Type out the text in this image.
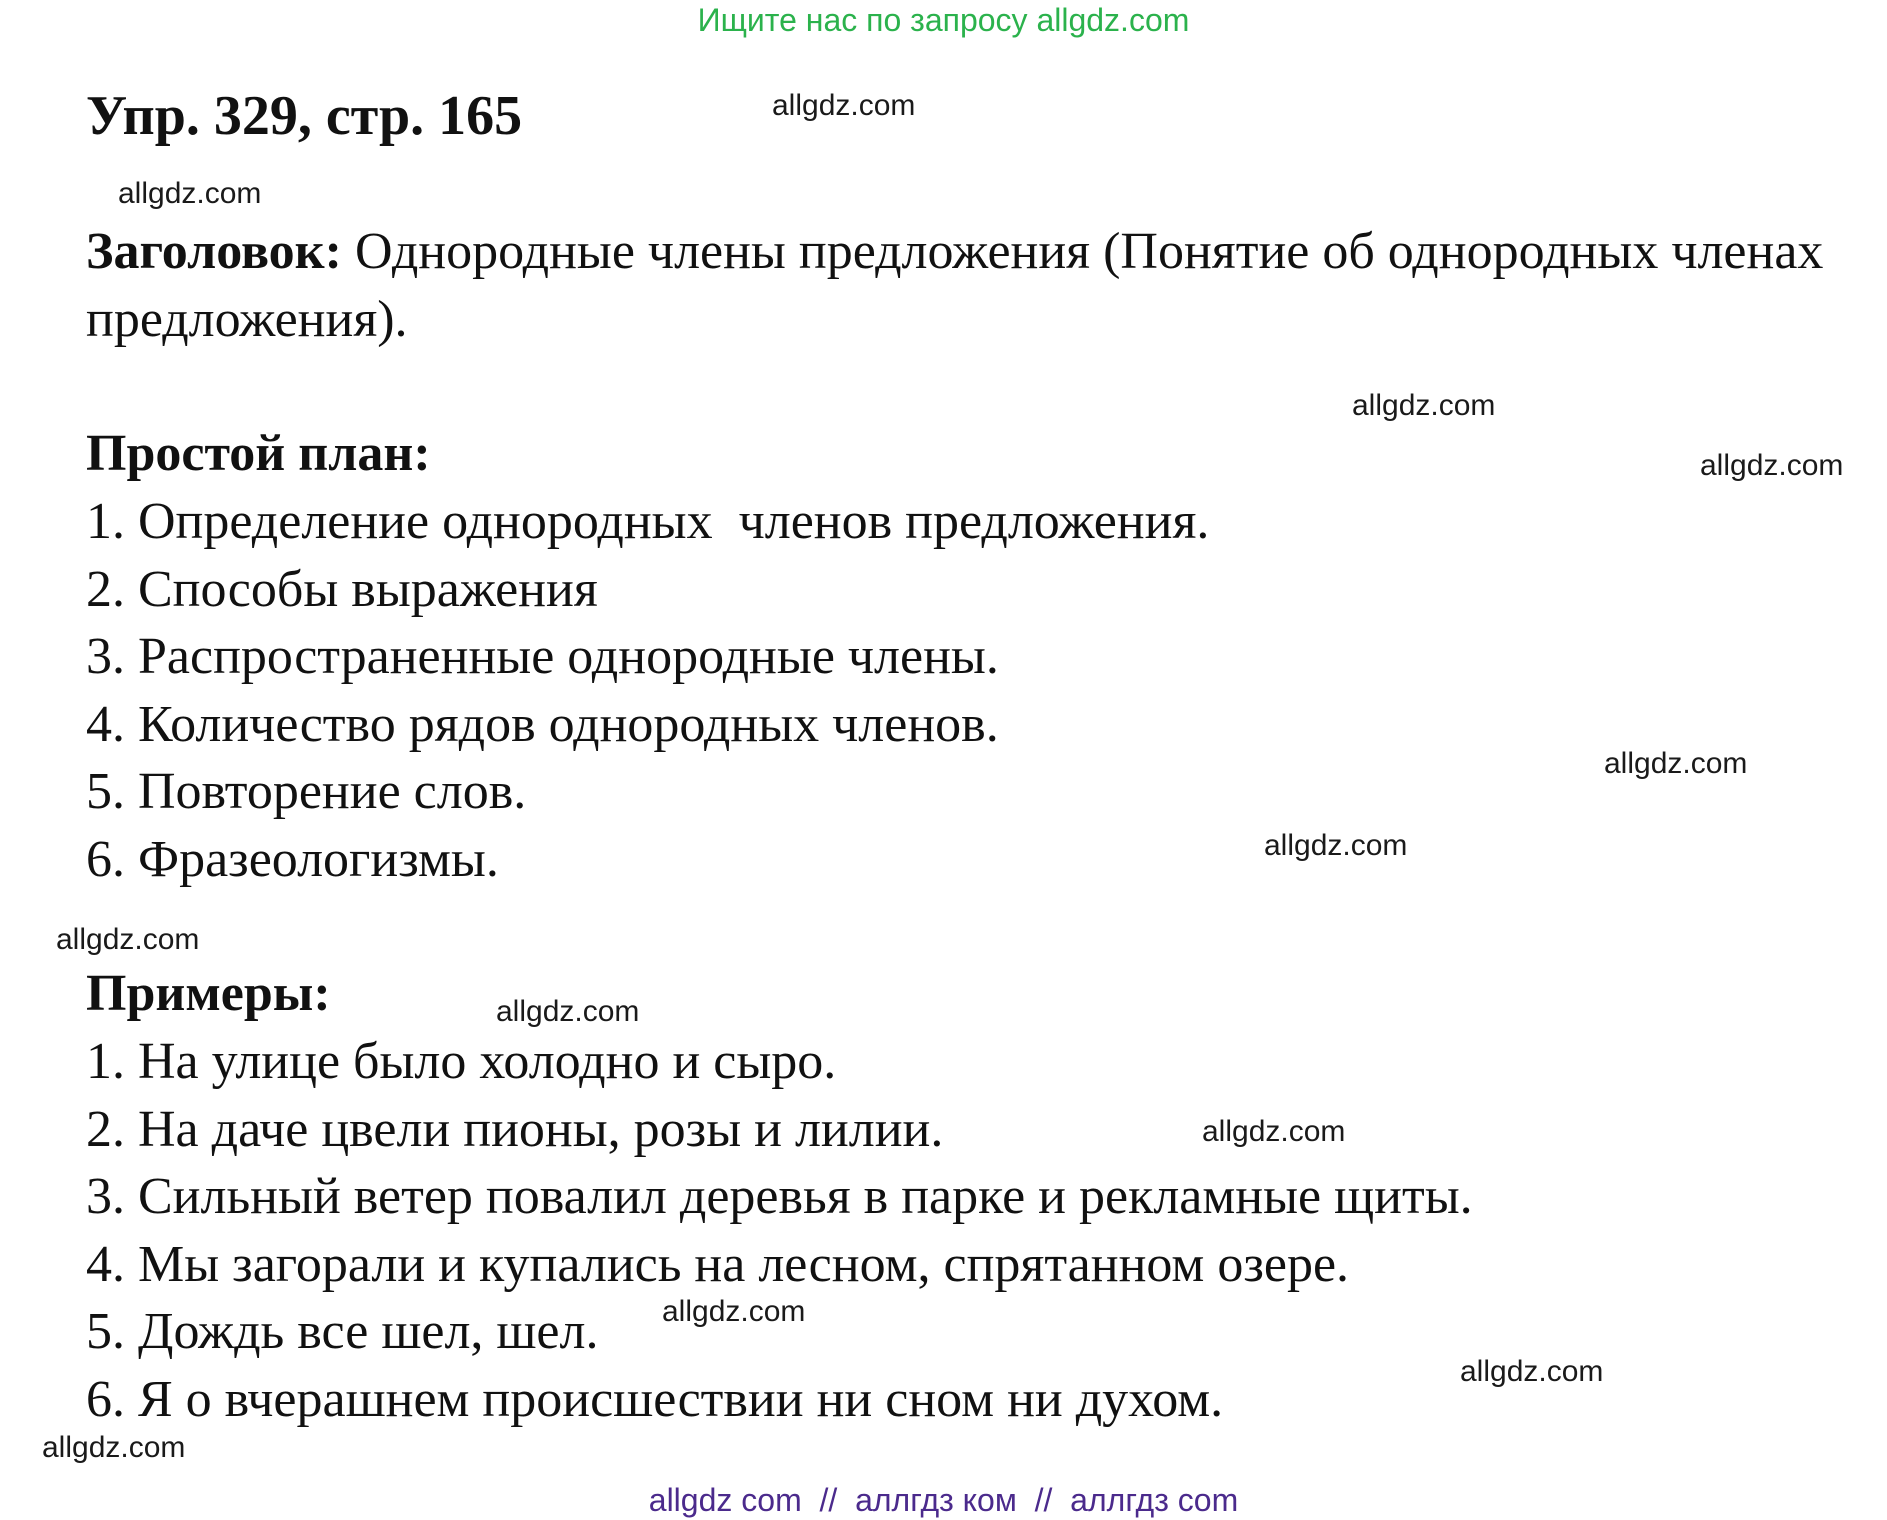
Ищите нас по запросу allgdz.com
Упр. 329, стр. 165
Заголовок: Однородные члены предложения (Понятие об однородных членах предложения).
Простой план:
1. Определение однородных  членов предложения.
2. Способы выражения
3. Распространенные однородные члены.
4. Количество рядов однородных членов.
5. Повторение слов.
6. Фразеологизмы.
Примеры:
1. На улице было холодно и сыро.
2. На даче цвели пионы, розы и лилии.
3. Сильный ветер повалил деревья в парке и рекламные щиты.
4. Мы загорали и купались на лесном, спрятанном озере.
5. Дождь все шел, шел.
6. Я о вчерашнем происшествии ни сном ни духом.
allgdz.com
allgdz.com
allgdz.com
allgdz.com
allgdz.com
allgdz.com
allgdz.com
allgdz.com
allgdz.com
allgdz.com
allgdz.com
allgdz.com
allgdz com  //  аллгдз ком  //  аллгдз com
